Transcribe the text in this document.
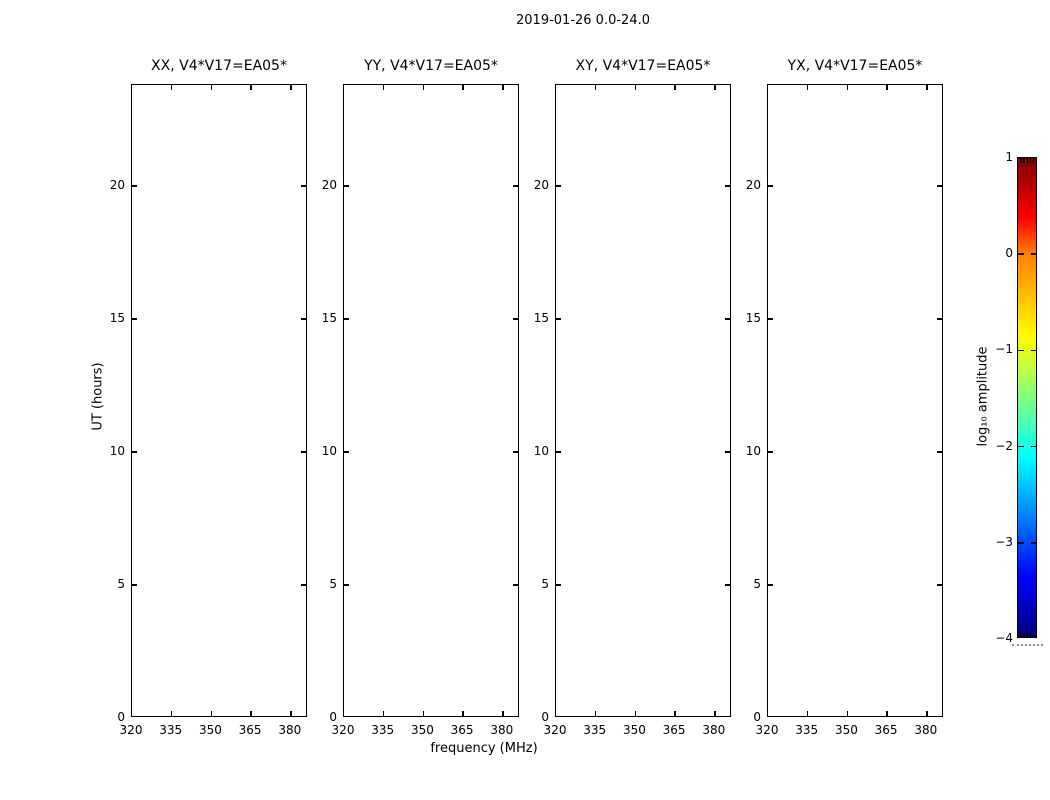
2019-01-26 0.0-24.0
UT (hours)
frequency (MHz)
XX, V4*V17=EA05*
320 335 350 365 380
0
5
10
15
20
YY, V4*V17=EA05*
320 335 350 365 380
0
5
10
15
20
XY, V4*V17=EA05*
320 335 350 365 380
0
5
10
15
20
YX, V4*V17=EA05*
320 335 350 365 380
0
5
10
15
20
log₁₀ amplitude
1
0
−1
−2
−3
−4
